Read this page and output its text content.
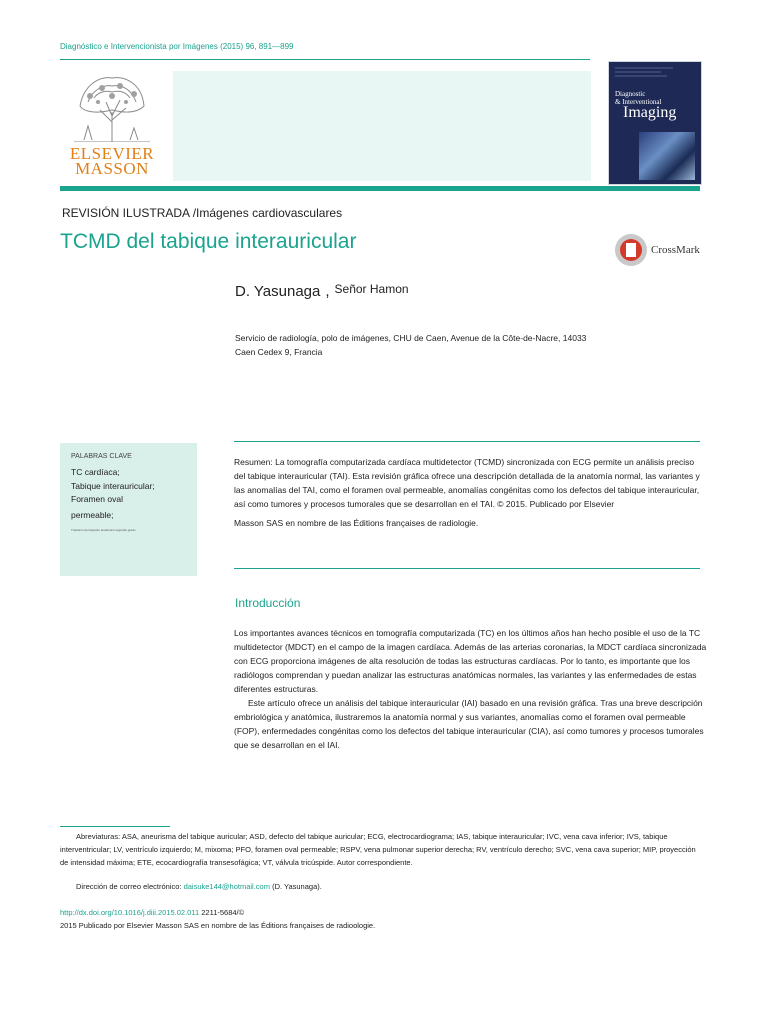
Diagnóstico e Intervencionista por Imágenes (2015) 96, 891—899
ELSEVIER
MASSON
Diagnostic
& Interventional
Imaging
REVISIÓN ILUSTRADA /Imágenes cardiovasculares
TCMD del tabique interauricular	CrossMark
D. Yasunaga , $^{Señor Hamon}$
Servicio de radiología, polo de imágenes, CHU de Caen, Avenue de la Côte-de-Nacre, 14033
Caen Cedex 9, Francia
PALABRAS CLAVE
TC cardíaca;
Tabique interauricular;
Foramen oval
permeable;
Trastorno del aspecto anatómico segundo grado

Resumen: La tomografía computarizada cardíaca multidetector (TCMD) sincronizada con ECG permite un análisis preciso del tabique interauricular (TAI). Esta revisión gráfica ofrece una descripción detallada de la anatomía normal, las variantes y las anomalías del TAI, como el foramen oval permeable, anomalías congénitas como los defectos del tabique interauricular, así como tumores y procesos tumorales que se desarrollan en el TAI. © 2015. Publicado por Elsevier

Masson SAS en nombre de las Éditions françaises de radiologie.

Introducción

Los importantes avances técnicos en tomografía computarizada (TC) en los últimos años han hecho posible el uso de la TC multidetector (MDCT) en el campo de la imagen cardíaca. Además de las arterias coronarias, la MDCT cardíaca sincronizada con ECG proporciona imágenes de alta resolución de todas las estructuras cardíacas. Por lo tanto, es importante que los radiólogos comprendan y puedan analizar las estructuras anatómicas normales, las variantes y las enfermedades de estas diferentes estructuras.

Este artículo ofrece un análisis del tabique interauricular (IAI) basado en una revisión gráfica. Tras una breve descripción embriológica y anatómica, ilustraremos la anatomía normal y sus variantes, anomalías como el foramen oval permeable (FOP), enfermedades congénitas como los defectos del tabique interauricular (CIA), así como tumores y procesos tumorales que se desarrollan en el IAI.

Abreviaturas: ASA, aneurisma del tabique auricular; ASD, defecto del tabique auricular; ECG, electrocardiograma; IAS, tabique interauricular; IVC, vena cava inferior; IVS, tabique interventricular; LV, ventrículo izquierdo; M, mixoma; PFO, foramen oval permeable; RSPV, vena pulmonar superior derecha; RV, ventrículo derecho; SVC, vena cava superior; MIP, proyección de intensidad máxima; ETE, ecocardiografía transesofágica; VT, válvula tricúspide. Autor correspondiente.
Dirección de correo electrónico: daisuke144@hotmail.com (D. Yasunaga).
http://dx.doi.org/10.1016/j.diii.2015.02.011 2211-5684/©
2015 Publicado por Elsevier Masson SAS en nombre de las Éditions françaises de radioologie.
